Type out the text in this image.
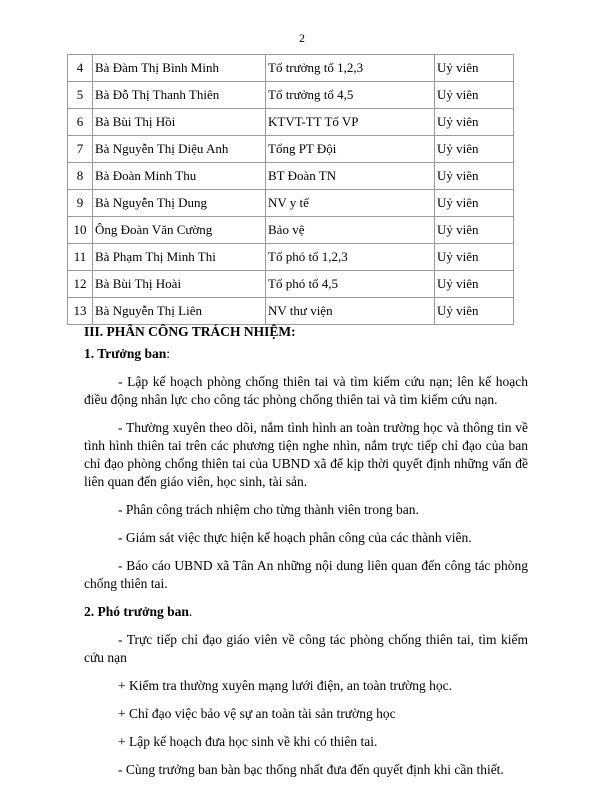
2
4	Bà Đàm Thị Bình Minh	Tổ trưởng tổ 1,2,3	Uỷ viên
5	Bà Đỗ Thị Thanh Thiên	Tổ trưởng tổ 4,5	Uỷ viên
6	Bà Bùi Thị Hồi	KTVT-TT Tổ VP	Uỷ viên
7	Bà Nguyễn Thị Diệu Anh	Tổng PT Đội	Uỷ viên
8	Bà Đoàn Minh Thu	BT Đoàn TN	Uỷ viên
9	Bà Nguyễn Thị Dung	NV y tế	Uỷ viên
10	Ông Đoàn Văn Cường	Bảo vệ	Uỷ viên
11	Bà Phạm Thị Minh Thi	Tổ phó tổ 1,2,3	Uỷ viên
12	Bà Bùi Thị Hoài	Tổ phó tổ 4,5	Uỷ viên
13	Bà Nguyễn Thị Liên	NV thư viện	Uỷ viên

III. PHÂN CÔNG TRÁCH NHIỆM:

1. Trưởng ban:

- Lập kế hoạch phòng chống thiên tai và tìm kiếm cứu nạn; lên kế hoạch điều động nhân lực cho công tác phòng chống thiên tai và tìm kiếm cứu nạn.

- Thường xuyên theo dõi, nắm tình hình an toàn trường học và thông tin về tình hình thiên tai trên các phương tiện nghe nhìn, nắm trực tiếp chỉ đạo của ban chỉ đạo phòng chống thiên tai của UBND xã để kịp thời quyết định những vấn đề liên quan đến giáo viên, học sinh, tài sản.

- Phân công trách nhiệm cho từng thành viên trong ban.

- Giám sát việc thực hiện kế hoạch phân công của các thành viên.

- Báo cáo UBND xã Tân An những nội dung liên quan đến công tác phòng chống thiên tai.

2. Phó trưởng ban.

- Trực tiếp chỉ đạo giáo viên về công tác phòng chống thiên tai, tìm kiếm cứu nạn

+ Kiểm tra thường xuyên mạng lưới điện, an toàn trường học.

+ Chỉ đạo việc bảo vệ sự an toàn tài sản trường học

+ Lập kế hoạch đưa học sinh về khi có thiên tai.

- Cùng trưởng ban bàn bạc thống nhất đưa đến quyết định khi cần thiết.
